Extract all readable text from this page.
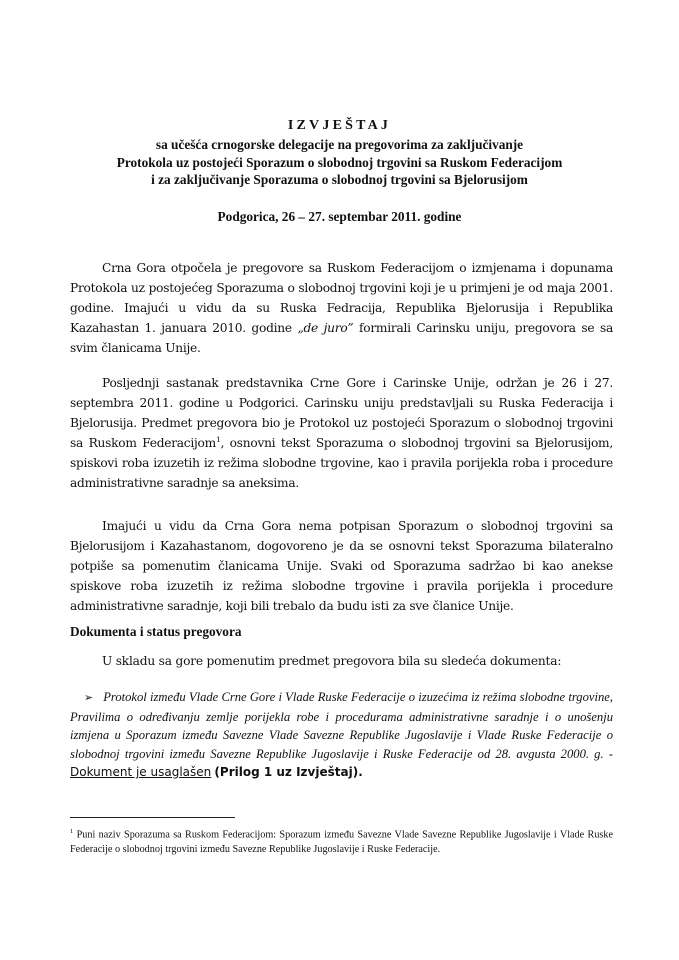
IZVJEŠTAJ
sa učešća crnogorske delegacije na pregovorima za zaključivanje
Protokola uz postojeći Sporazum o slobodnoj trgovini sa Ruskom Federacijom
i za zaključivanje Sporazuma o slobodnoj trgovini sa Bjelorusijom
Podgorica, 26 – 27. septembar 2011. godine
Crna Gora otpočela je pregovore sa Ruskom Federacijom o izmjenama i dopunama Protokola uz postojećeg Sporazuma o slobodnoj trgovini koji je u primjeni je od maja 2001. godine. Imajući u vidu da su Ruska Fedracija, Republika Bjelorusija i Republika Kazahastan 1. januara 2010. godine „de juro” formirali Carinsku uniju, pregovora se sa svim članicama Unije.
Posljednji sastanak predstavnika Crne Gore i Carinske Unije, održan je 26 i 27. septembra 2011. godine u Podgorici. Carinsku uniju predstavljali su Ruska Federacija i Bjelorusija. Predmet pregovora bio je Protokol uz postojeći Sporazum o slobodnoj trgovini sa Ruskom Federacijom$^1$, osnovni tekst Sporazuma o slobodnoj trgovini sa Bjelorusijom, spiskovi roba izuzetih iz režima slobodne trgovine, kao i pravila porijekla roba i procedure administrativne saradnje sa aneksima.
Imajući u vidu da Crna Gora nema potpisan Sporazum o slobodnoj trgovini sa Bjelorusijom i Kazahastanom, dogovoreno je da se osnovni tekst Sporazuma bilateralno potpiše sa pomenutim članicama Unije. Svaki od Sporazuma sadržao bi kao anekse spiskove roba izuzetih iz režima slobodne trgovine i pravila porijekla i procedure administrativne saradnje, koji bili trebalo da budu isti za sve članice Unije.
Dokumenta i status pregovora
U skladu sa gore pomenutim predmet pregovora bila su sledeća dokumenta:
➢ Protokol između Vlade Crne Gore i Vlade Ruske Federacije o izuzećima iz režima slobodne trgovine, Pravilima o određivanju zemlje porijekla robe i procedurama administrativne saradnje i o unošenju izmjena u Sporazum između Savezne Vlade Savezne Republike Jugoslavije i Vlade Ruske Federacije o slobodnoj trgovini između Savezne Republike Jugoslavije i Ruske Federacije od 28. avgusta 2000. g. - Dokument je usaglašen (Prilog 1 uz Izvještaj).
$^1$ Puni naziv Sporazuma sa Ruskom Federacijom: Sporazum između Savezne Vlade Savezne Republike Jugoslavije i Vlade Ruske Federacije o slobodnoj trgovini između Savezne Republike Jugoslavije i Ruske Federacije.
